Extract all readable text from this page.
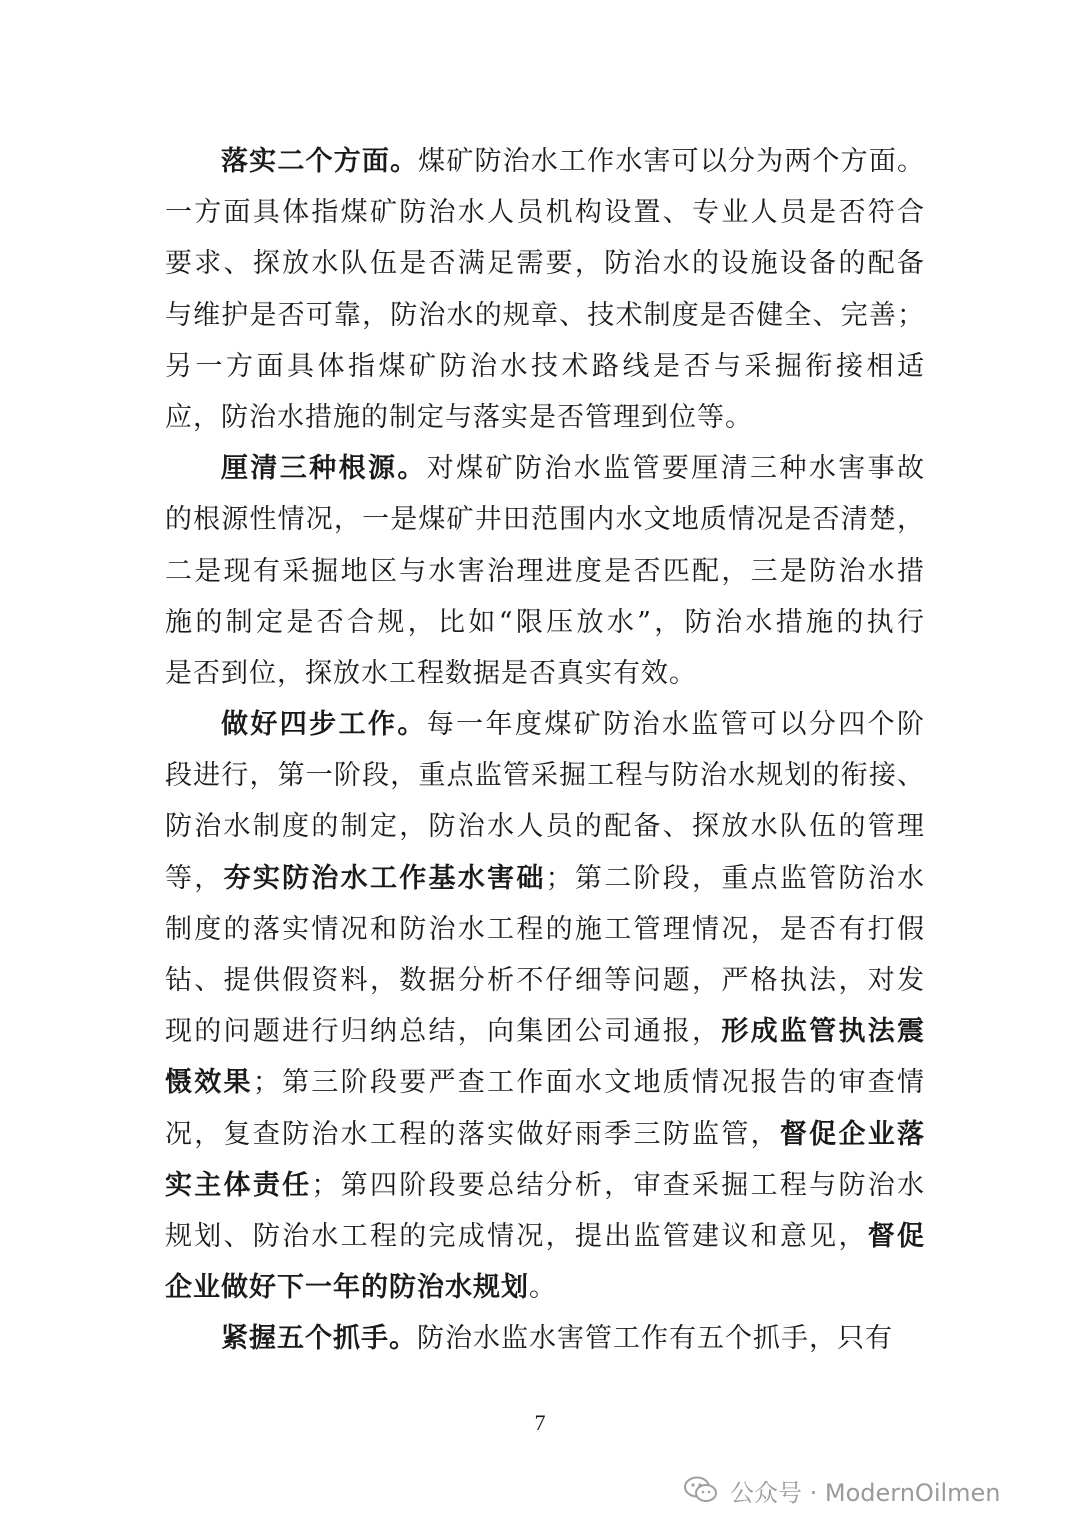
落实二个方面。煤矿防治水工作水害可以分为两个方面。
一方面具体指煤矿防治水人员机构设置、专业人员是否符合
要求、探放水队伍是否满足需要，防治水的设施设备的配备
与维护是否可靠，防治水的规章、技术制度是否健全、完善；
另一方面具体指煤矿防治水技术路线是否与采掘衔接相适
应，防治水措施的制定与落实是否管理到位等。
厘清三种根源。对煤矿防治水监管要厘清三种水害事故
的根源性情况，一是煤矿井田范围内水文地质情况是否清楚，
二是现有采掘地区与水害治理进度是否匹配，三是防治水措
施的制定是否合规，比如“限压放水”，防治水措施的执行
是否到位，探放水工程数据是否真实有效。
做好四步工作。每一年度煤矿防治水监管可以分四个阶
段进行，第一阶段，重点监管采掘工程与防治水规划的衔接、
防治水制度的制定，防治水人员的配备、探放水队伍的管理
等，夯实防治水工作基水害础；第二阶段，重点监管防治水
制度的落实情况和防治水工程的施工管理情况，是否有打假
钻、提供假资料，数据分析不仔细等问题，严格执法，对发
现的问题进行归纳总结，向集团公司通报，形成监管执法震
慑效果；第三阶段要严查工作面水文地质情况报告的审查情
况，复查防治水工程的落实做好雨季三防监管，督促企业落
实主体责任；第四阶段要总结分析，审查采掘工程与防治水
规划、防治水工程的完成情况，提出监管建议和意见，督促
企业做好下一年的防治水规划。
紧握五个抓手。防治水监水害管工作有五个抓手，只有
7
公众号 · ModernOilmen
